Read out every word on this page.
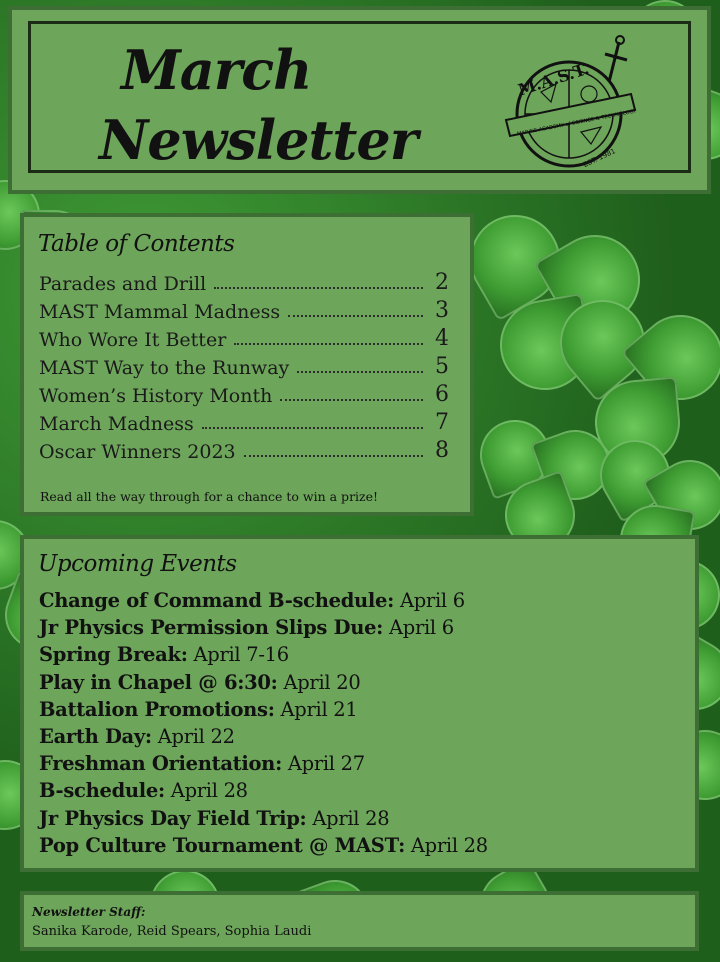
March
Newsletter
M.A.S.T.
MARINE ACADEMY of SCIENCE & TECHNOLOGY
EST. 1981
Table of Contents
Parades and Drill	2
MAST Mammal Madness	3
Who Wore It Better	4
MAST Way to the Runway	5
Women’s History Month	6
March Madness	7
Oscar Winners 2023	8
Read all the way through for a chance to win a prize!
Upcoming Events
Change of Command B-schedule: April 6
Jr Physics Permission Slips Due: April 6
Spring Break: April 7-16
Play in Chapel @ 6:30: April 20
Battalion Promotions: April 21
Earth Day: April 22
Freshman Orientation: April 27
B-schedule: April 28
Jr Physics Day Field Trip: April 28
Pop Culture Tournament @ MAST: April 28
Newsletter Staff:
Sanika Karode, Reid Spears, Sophia Laudi
